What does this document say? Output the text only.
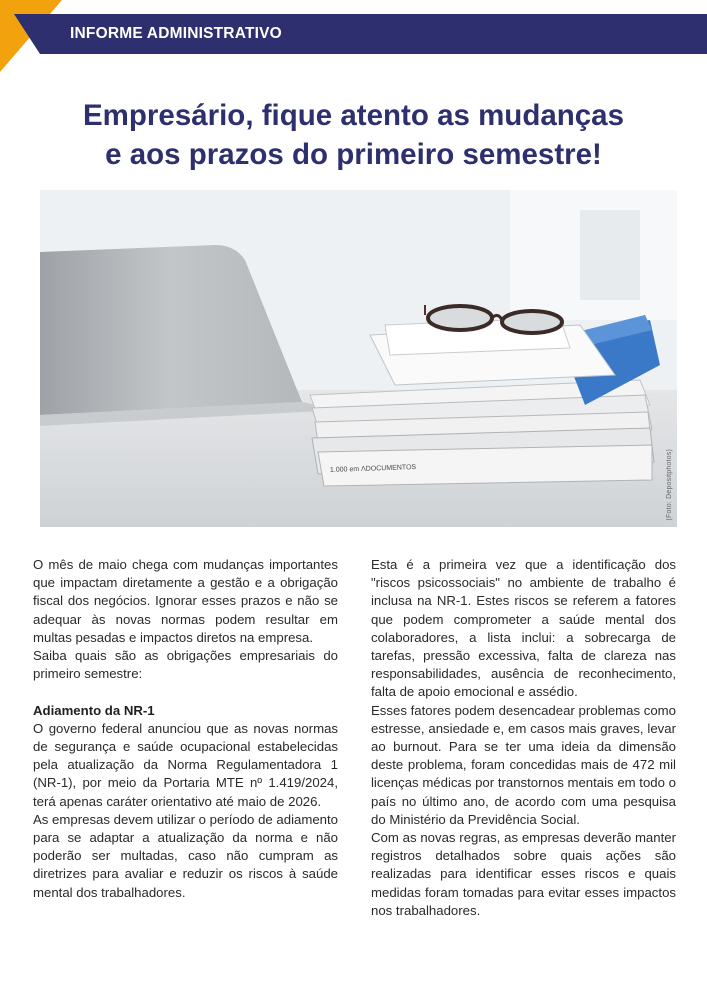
INFORME ADMINISTRATIVO
Empresário, fique atento as mudanças
e aos prazos do primeiro semestre!
1.000 em ΛDOCUMENTOS	(Foto: Depositphotos)

O mês de maio chega com mudanças importantes que impactam diretamente a gestão e a obrigação fiscal dos negócios. Ignorar esses prazos e não se adequar às novas normas podem resultar em multas pesadas e impactos diretos na empresa.

Saiba quais são as obrigações empresariais do primeiro semestre:

Adiamento da NR-1

O governo federal anunciou que as novas normas de segurança e saúde ocupacional estabelecidas pela atualização da Norma Regulamentadora 1 (NR-1), por meio da Portaria MTE nº 1.419/2024, terá apenas caráter orientativo até maio de 2026.

As empresas devem utilizar o período de adiamento para se adaptar a atualização da norma e não poderão ser multadas, caso não cumpram as diretrizes para avaliar e reduzir os riscos à saúde mental dos trabalhadores.

Esta é a primeira vez que a identificação dos "riscos psicossociais" no ambiente de trabalho é inclusa na NR-1. Estes riscos se referem a fatores que podem comprometer a saúde mental dos colaboradores, a lista inclui: a sobrecarga de tarefas, pressão excessiva, falta de clareza nas responsabilidades, ausência de reconhecimento, falta de apoio emocional e assédio.

Esses fatores podem desencadear problemas como estresse, ansiedade e, em casos mais graves, levar ao burnout. Para se ter uma ideia da dimensão deste problema, foram concedidas mais de 472 mil licenças médicas por transtornos mentais em todo o país no último ano, de acordo com uma pesquisa do Ministério da Previdência Social.

Com as novas regras, as empresas deverão manter registros detalhados sobre quais ações são realizadas para identificar esses riscos e quais medidas foram tomadas para evitar esses impactos nos trabalhadores.
